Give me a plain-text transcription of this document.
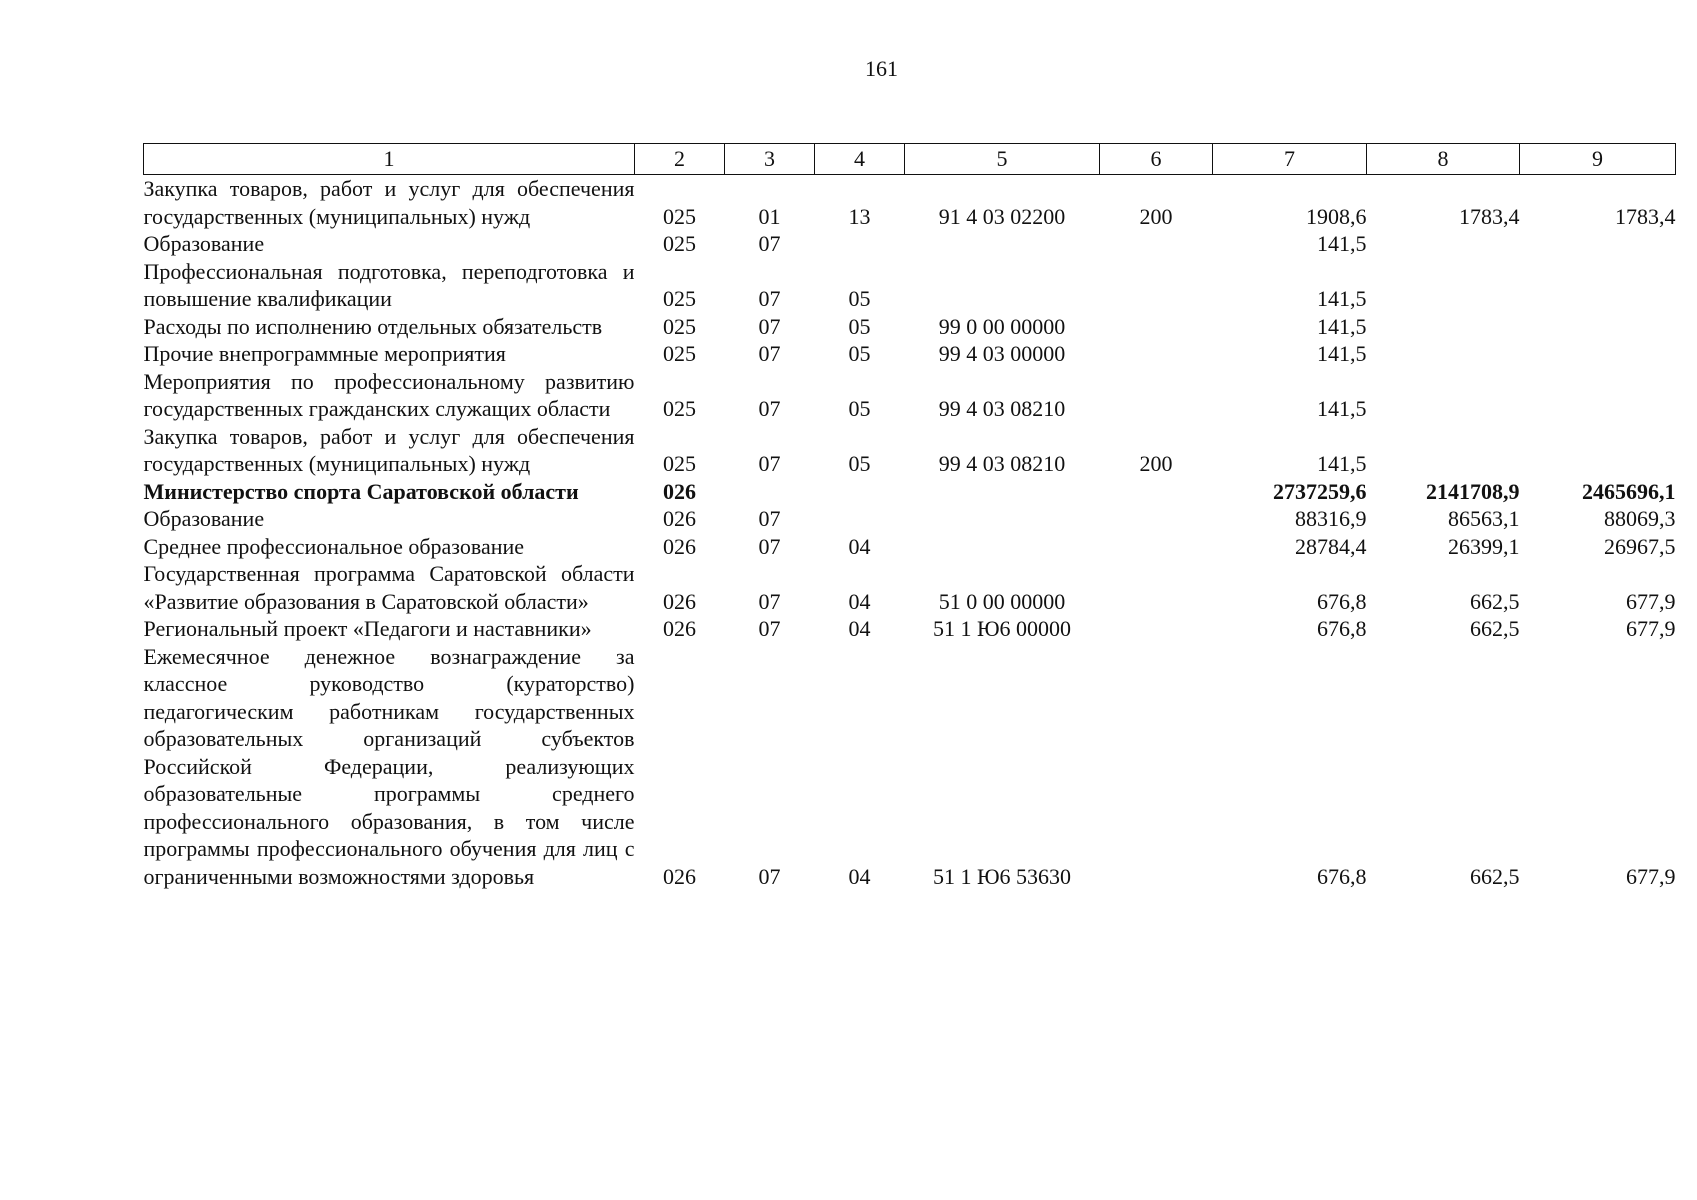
161
1	2	3	4	5	6	7	8	9
Закупка товаров, работ и услуг для обеспечения государственных (муниципальных) нужд	025	01	13	91 4 03 02200	200	1908,6	1783,4	1783,4
Образование	025	07				141,5		
Профессиональная подготовка, переподготовка и повышение квалификации	025	07	05			141,5		
Расходы по исполнению отдельных обязательств	025	07	05	99 0 00 00000		141,5		
Прочие внепрограммные мероприятия	025	07	05	99 4 03 00000		141,5		
Мероприятия по профессиональному развитию государственных гражданских служащих области	025	07	05	99 4 03 08210		141,5		
Закупка товаров, работ и услуг для обеспечения государственных (муниципальных) нужд	025	07	05	99 4 03 08210	200	141,5		
Министерство спорта Саратовской области	026					2737259,6	2141708,9	2465696,1
Образование	026	07				88316,9	86563,1	88069,3
Среднее профессиональное образование	026	07	04			28784,4	26399,1	26967,5
Государственная программа Саратовской области «Развитие образования в Саратовской области»	026	07	04	51 0 00 00000		676,8	662,5	677,9
Региональный проект «Педагоги и наставники»	026	07	04	51 1 Ю6 00000		676,8	662,5	677,9
Ежемесячное денежное вознаграждение за классное руководство (кураторство) педагогическим работникам государственных образовательных организаций субъектов Российской Федерации, реализующих образовательные программы среднего профессионального образования, в том числе программы профессионального обучения для лиц с ограниченными возможностями здоровья	026	07	04	51 1 Ю6 53630		676,8	662,5	677,9
